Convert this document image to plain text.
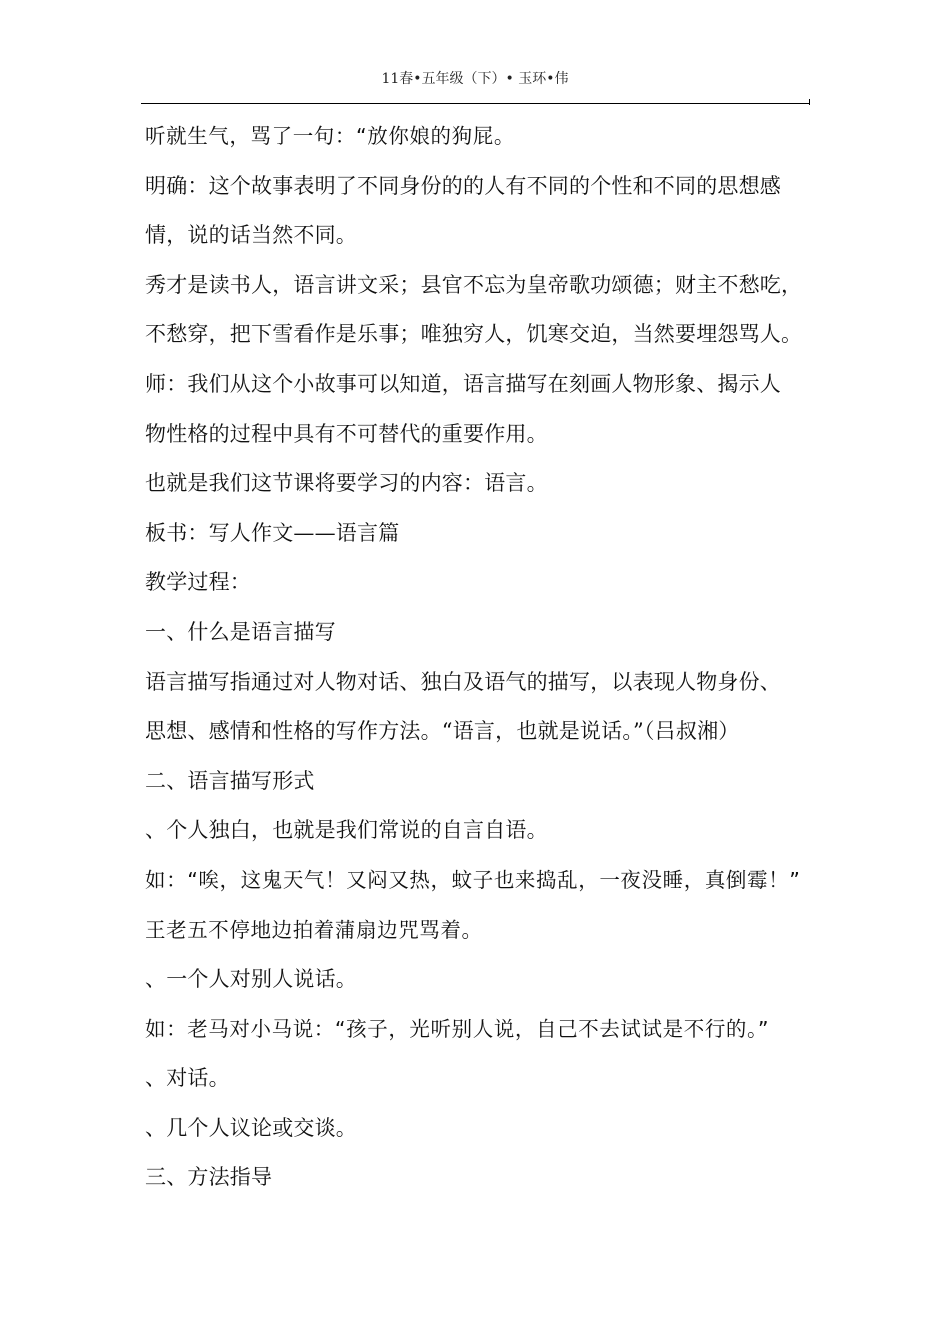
11春•五年级（下）• 玉环•伟
听就生气，骂了一句：“放你娘的狗屁。
明确：这个故事表明了不同身份的的人有不同的个性和不同的思想感
情，说的话当然不同。
秀才是读书人，语言讲文采；县官不忘为皇帝歌功颂德；财主不愁吃，
不愁穿，把下雪看作是乐事；唯独穷人，饥寒交迫，当然要埋怨骂人。
师：我们从这个小故事可以知道，语言描写在刻画人物形象、揭示人
物性格的过程中具有不可替代的重要作用。
也就是我们这节课将要学习的内容：语言。
板书：写人作文——语言篇
教学过程：
一、什么是语言描写
语言描写指通过对人物对话、独白及语气的描写，以表现人物身份、
思想、感情和性格的写作方法。“语言，也就是说话。”（吕叔湘）
二、语言描写形式
、个人独白，也就是我们常说的自言自语。
如：“唉，这鬼天气！又闷又热，蚊子也来捣乱，一夜没睡，真倒霉！”
王老五不停地边拍着蒲扇边咒骂着。
、一个人对别人说话。
如：老马对小马说：“孩子，光听别人说，自己不去试试是不行的。”
、对话。
、几个人议论或交谈。
三、方法指导
